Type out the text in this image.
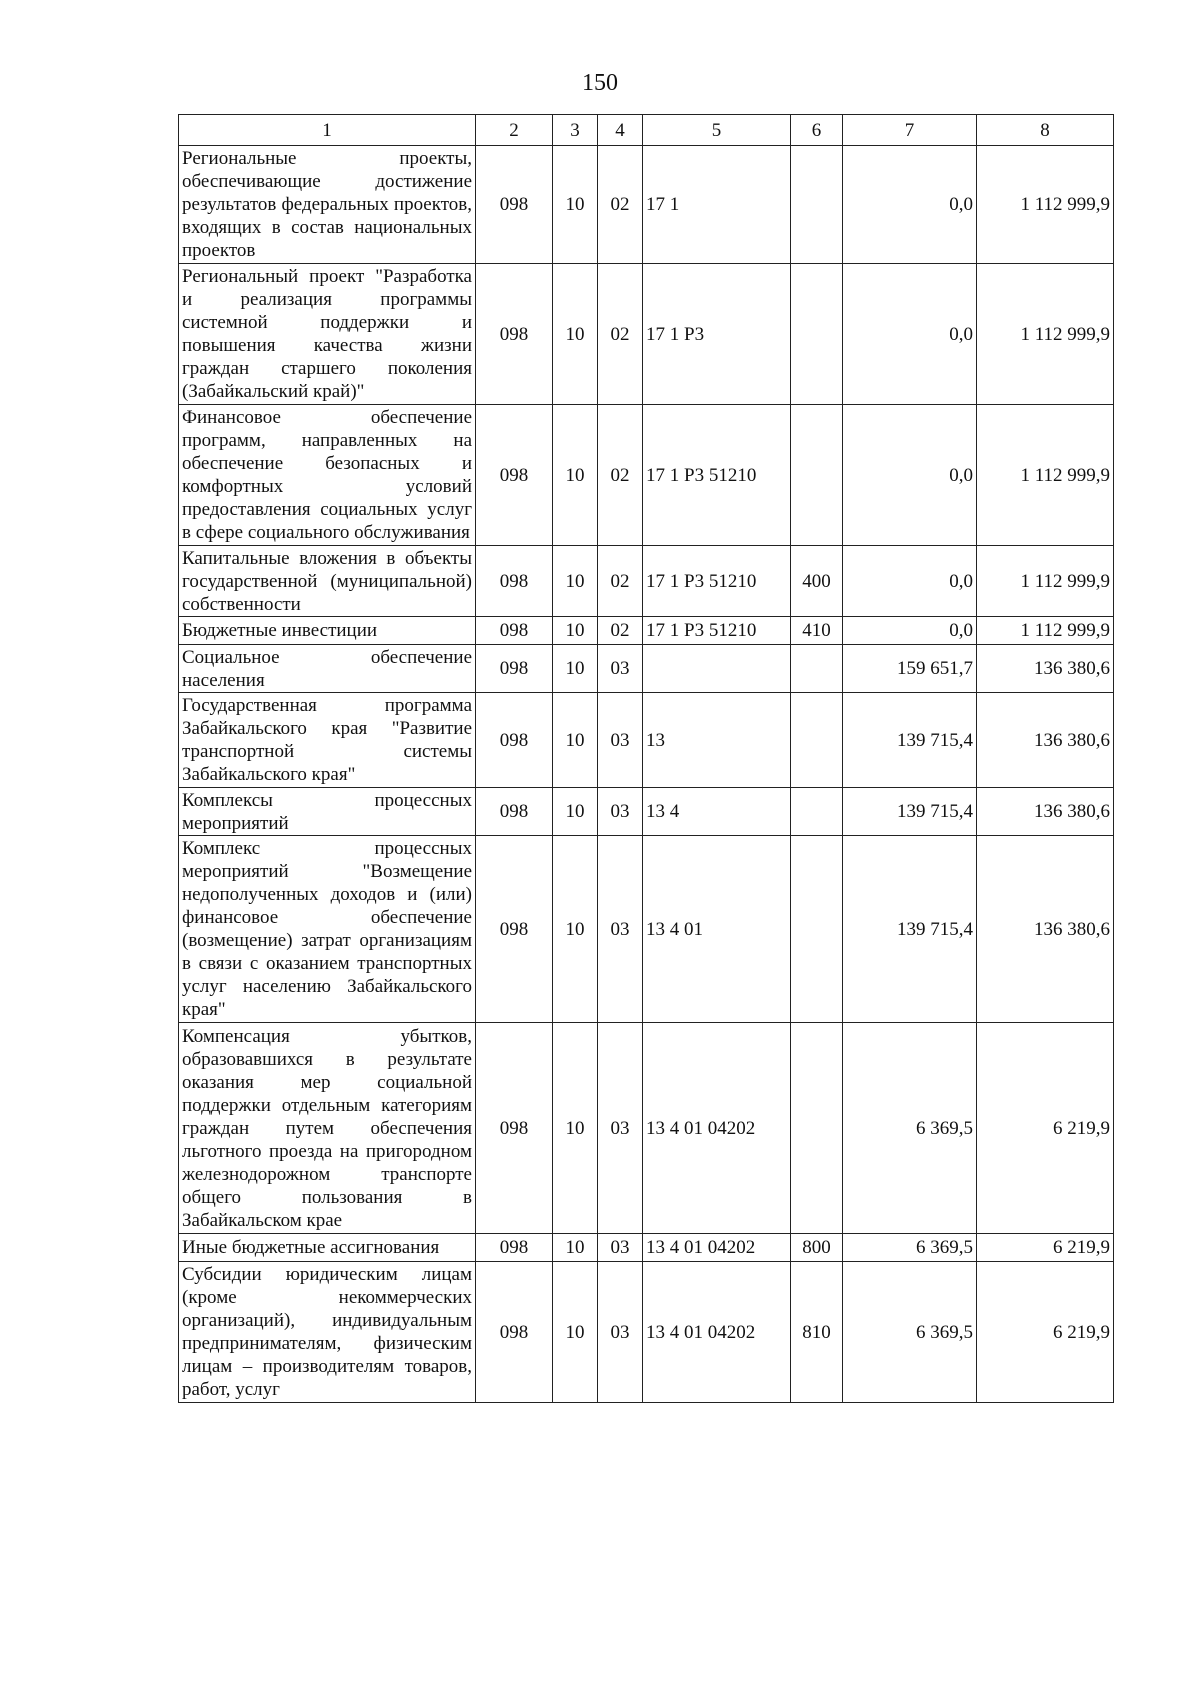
150
1	2	3	4	5	6	7	8
Региональные проекты, обеспечивающие достижение результатов федеральных проектов, входящих в состав национальных проектов	098	10	02	17 1		0,0	1 112 999,9
Региональный проект "Разработка и реализация программы системной поддержки и повышения качества жизни граждан старшего поколения (Забайкальский край)"	098	10	02	17 1 Р3		0,0	1 112 999,9
Финансовое обеспечение программ, направленных на обеспечение безопасных и комфортных условий предоставления социальных услуг в сфере социального обслуживания	098	10	02	17 1 Р3 51210		0,0	1 112 999,9
Капитальные вложения в объекты государственной (муниципальной) собственности	098	10	02	17 1 Р3 51210	400	0,0	1 112 999,9
Бюджетные инвестиции	098	10	02	17 1 Р3 51210	410	0,0	1 112 999,9
Социальное обеспечение населения	098	10	03			159 651,7	136 380,6
Государственная программа Забайкальского края "Развитие транспортной системы Забайкальского края"	098	10	03	13		139 715,4	136 380,6
Комплексы процессных мероприятий	098	10	03	13 4		139 715,4	136 380,6
Комплекс процессных мероприятий "Возмещение недополученных доходов и (или) финансовое обеспечение (возмещение) затрат организациям в связи с оказанием транспортных услуг населению Забайкальского края"	098	10	03	13 4 01		139 715,4	136 380,6
Компенсация убытков, образовавшихся в результате оказания мер социальной поддержки отдельным категориям граждан путем обеспечения льготного проезда на пригородном железнодорожном транспорте общего пользования в Забайкальском крае	098	10	03	13 4 01 04202		6 369,5	6 219,9
Иные бюджетные ассигнования	098	10	03	13 4 01 04202	800	6 369,5	6 219,9
Субсидии юридическим лицам (кроме некоммерческих организаций), индивидуальным предпринимателям, физическим лицам – производителям товаров, работ, услуг	098	10	03	13 4 01 04202	810	6 369,5	6 219,9
